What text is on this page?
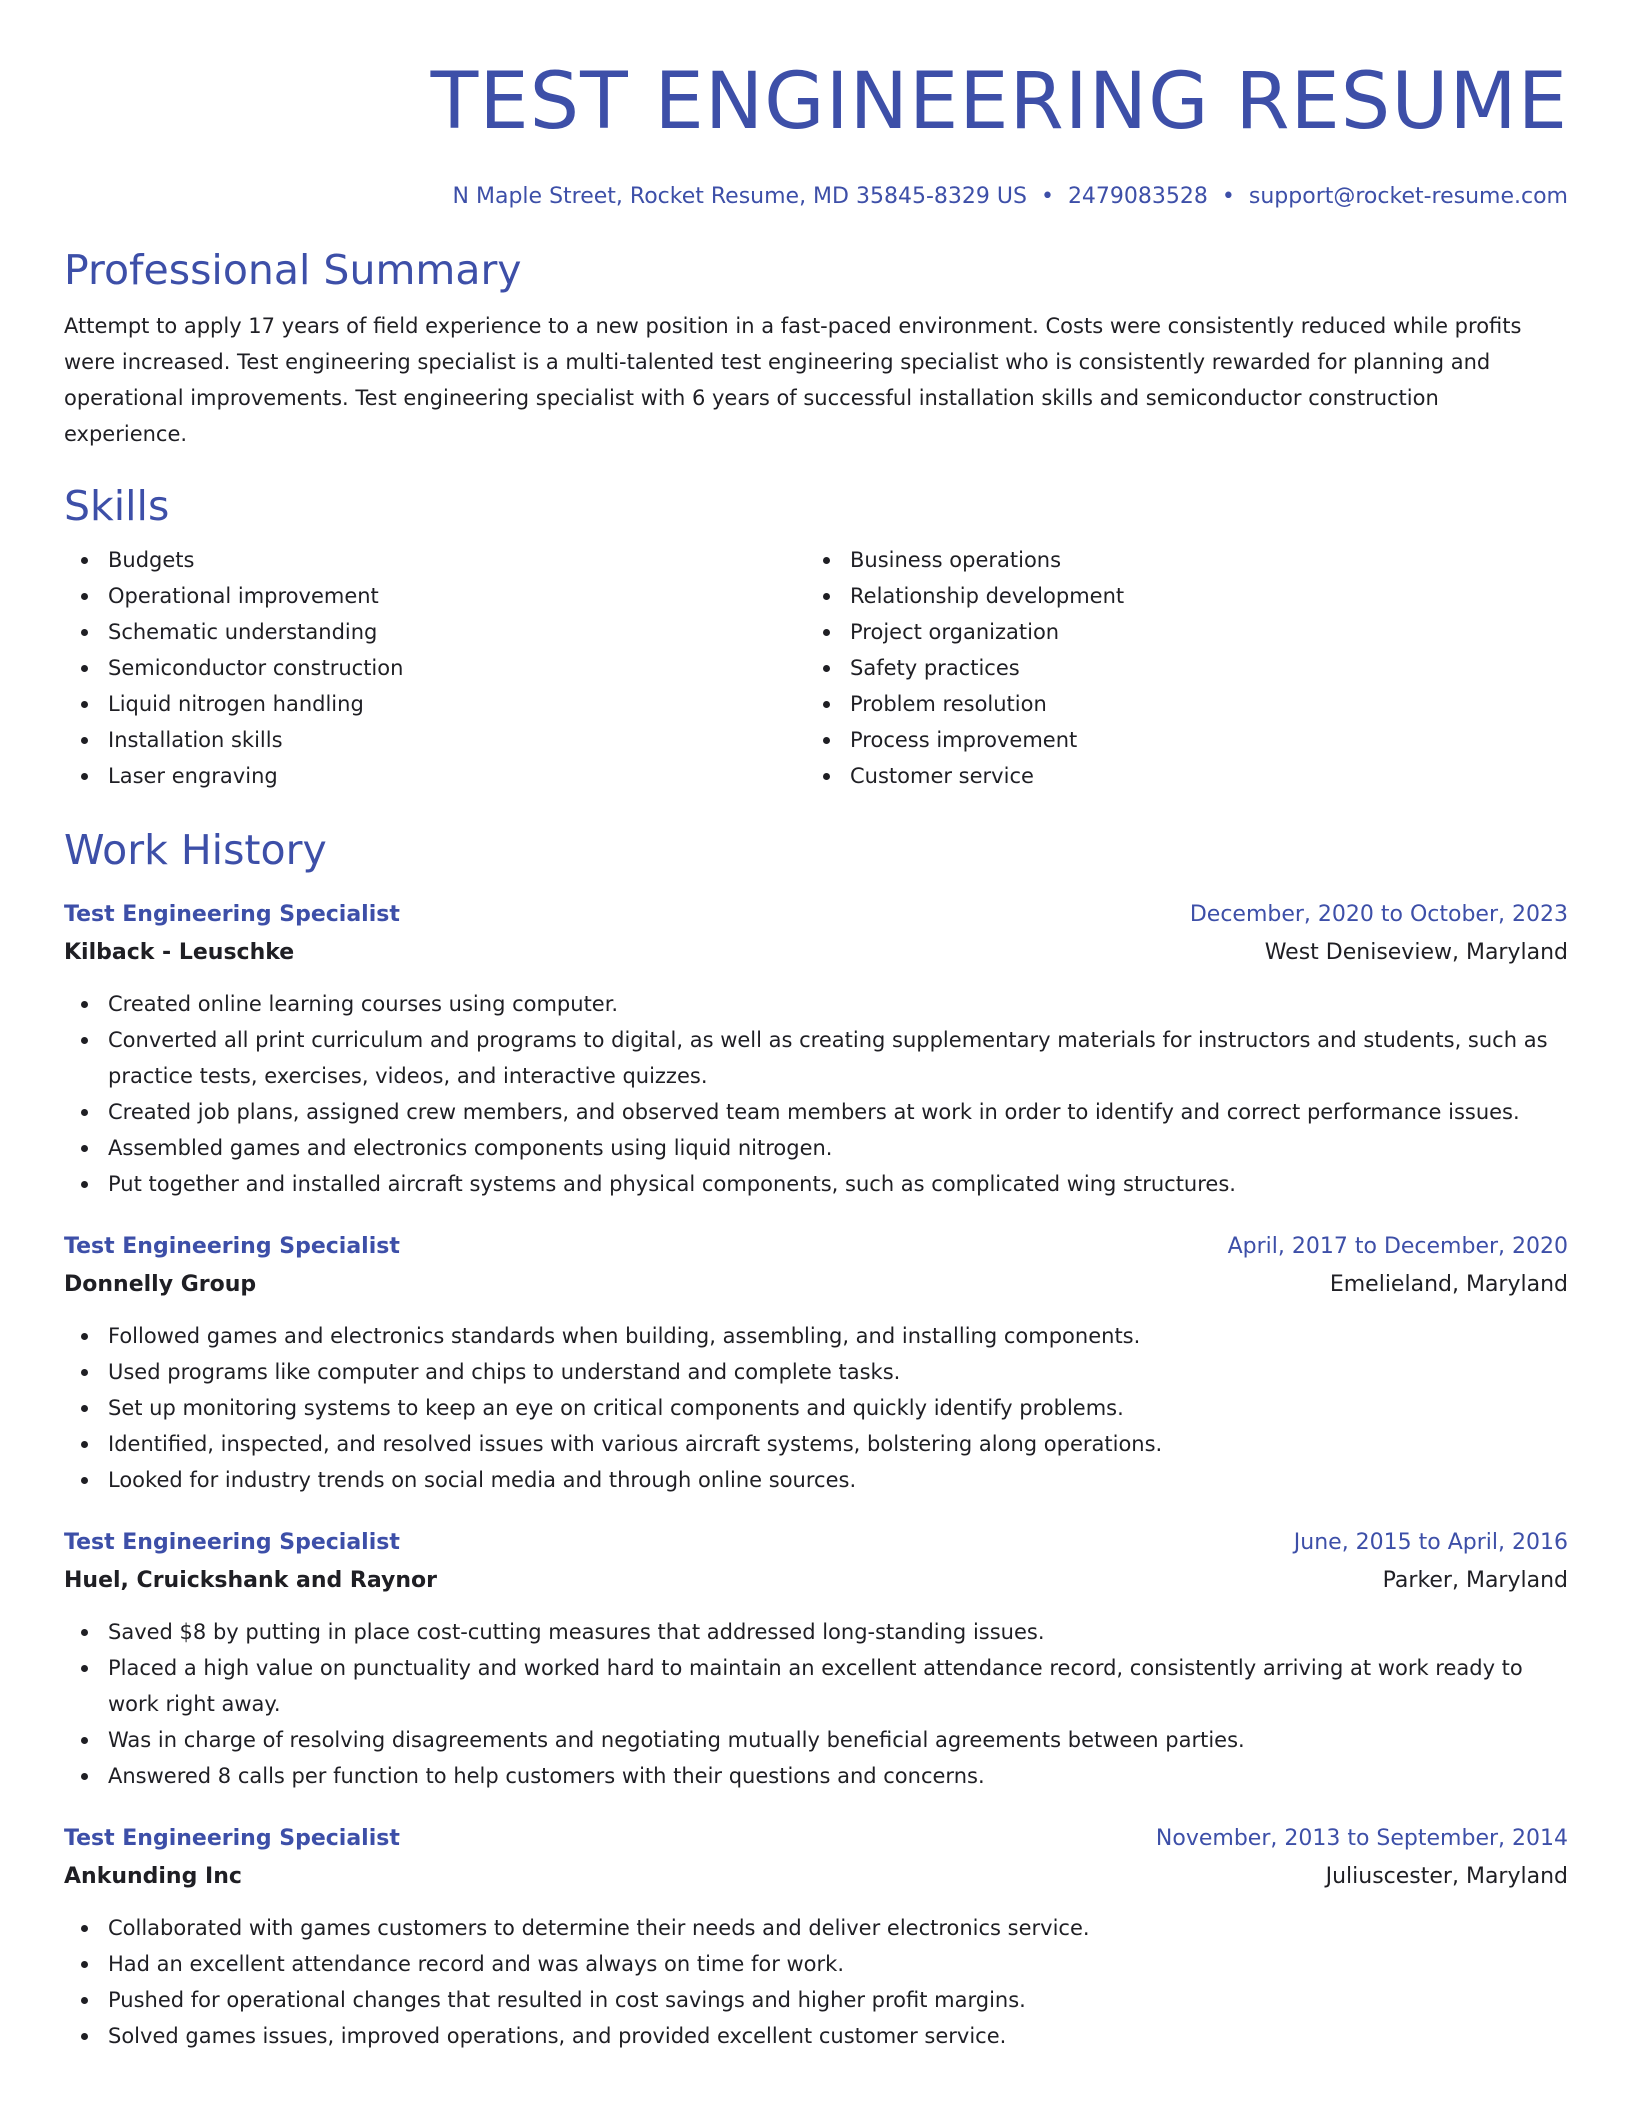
TEST ENGINEERING RESUME
N Maple Street, Rocket Resume, MD 35845-8329 US • 2479083528 • support@rocket-resume.com
Professional Summary

Attempt to apply 17 years of field experience to a new position in a fast-paced environment. Costs were consistently reduced while profits were increased. Test engineering specialist is a multi-talented test engineering specialist who is consistently rewarded for planning and operational improvements. Test engineering specialist with 6 years of successful installation skills and semiconductor construction experience.

Skills
Budgets
Operational improvement
Schematic understanding
Semiconductor construction
Liquid nitrogen handling
Installation skills
Laser engraving
Business operations
Relationship development
Project organization
Safety practices
Problem resolution
Process improvement
Customer service
Work History
Test Engineering Specialist	December, 2020 to October, 2023
Kilback - Leuschke	West Deniseview, Maryland
Created online learning courses using computer.
Converted all print curriculum and programs to digital, as well as creating supplementary materials for instructors and students, such as practice tests, exercises, videos, and interactive quizzes.
Created job plans, assigned crew members, and observed team members at work in order to identify and correct performance issues.
Assembled games and electronics components using liquid nitrogen.
Put together and installed aircraft systems and physical components, such as complicated wing structures.
Test Engineering Specialist	April, 2017 to December, 2020
Donnelly Group	Emelieland, Maryland
Followed games and electronics standards when building, assembling, and installing components.
Used programs like computer and chips to understand and complete tasks.
Set up monitoring systems to keep an eye on critical components and quickly identify problems.
Identified, inspected, and resolved issues with various aircraft systems, bolstering along operations.
Looked for industry trends on social media and through online sources.
Test Engineering Specialist	June, 2015 to April, 2016
Huel, Cruickshank and Raynor	Parker, Maryland
Saved $8 by putting in place cost-cutting measures that addressed long-standing issues.
Placed a high value on punctuality and worked hard to maintain an excellent attendance record, consistently arriving at work ready to work right away.
Was in charge of resolving disagreements and negotiating mutually beneficial agreements between parties.
Answered 8 calls per function to help customers with their questions and concerns.
Test Engineering Specialist	November, 2013 to September, 2014
Ankunding Inc	Juliuscester, Maryland
Collaborated with games customers to determine their needs and deliver electronics service.
Had an excellent attendance record and was always on time for work.
Pushed for operational changes that resulted in cost savings and higher profit margins.
Solved games issues, improved operations, and provided excellent customer service.
